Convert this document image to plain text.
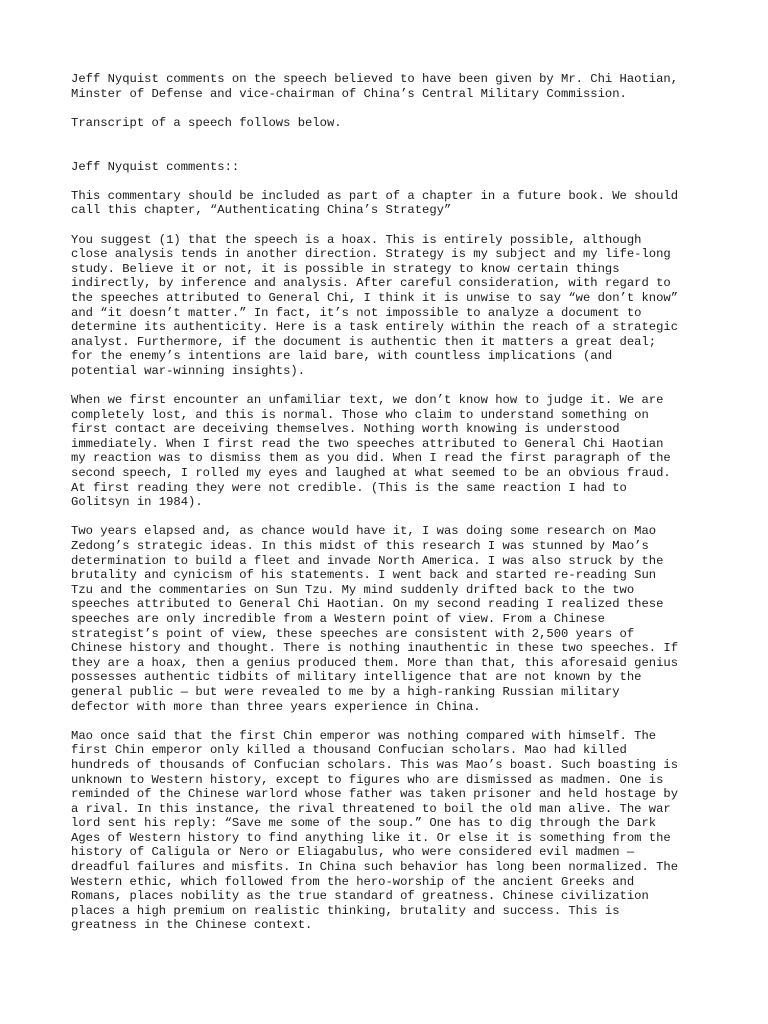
Jeff Nyquist comments on the speech believed to have been given by Mr. Chi Haotian,
Minster of Defense and vice-chairman of China’s Central Military Commission.

Transcript of a speech follows below.

Jeff Nyquist comments::

This commentary should be included as part of a chapter in a future book. We should
call this chapter, “Authenticating China’s Strategy”

You suggest (1) that the speech is a hoax. This is entirely possible, although
close analysis tends in another direction. Strategy is my subject and my life-long
study. Believe it or not, it is possible in strategy to know certain things
indirectly, by inference and analysis. After careful consideration, with regard to
the speeches attributed to General Chi, I think it is unwise to say “we don’t know”
and “it doesn’t matter.” In fact, it’s not impossible to analyze a document to
determine its authenticity. Here is a task entirely within the reach of a strategic
analyst. Furthermore, if the document is authentic then it matters a great deal;
for the enemy’s intentions are laid bare, with countless implications (and
potential war-winning insights).

When we first encounter an unfamiliar text, we don’t know how to judge it. We are
completely lost, and this is normal. Those who claim to understand something on
first contact are deceiving themselves. Nothing worth knowing is understood
immediately. When I first read the two speeches attributed to General Chi Haotian
my reaction was to dismiss them as you did. When I read the first paragraph of the
second speech, I rolled my eyes and laughed at what seemed to be an obvious fraud.
At first reading they were not credible. (This is the same reaction I had to
Golitsyn in 1984).

Two years elapsed and, as chance would have it, I was doing some research on Mao
Zedong’s strategic ideas. In this midst of this research I was stunned by Mao’s
determination to build a fleet and invade North America. I was also struck by the
brutality and cynicism of his statements. I went back and started re-reading Sun
Tzu and the commentaries on Sun Tzu. My mind suddenly drifted back to the two
speeches attributed to General Chi Haotian. On my second reading I realized these
speeches are only incredible from a Western point of view. From a Chinese
strategist’s point of view, these speeches are consistent with 2,500 years of
Chinese history and thought. There is nothing inauthentic in these two speeches. If
they are a hoax, then a genius produced them. More than that, this aforesaid genius
possesses authentic tidbits of military intelligence that are not known by the
general public — but were revealed to me by a high-ranking Russian military
defector with more than three years experience in China.

Mao once said that the first Chin emperor was nothing compared with himself. The
first Chin emperor only killed a thousand Confucian scholars. Mao had killed
hundreds of thousands of Confucian scholars. This was Mao’s boast. Such boasting is
unknown to Western history, except to figures who are dismissed as madmen. One is
reminded of the Chinese warlord whose father was taken prisoner and held hostage by
a rival. In this instance, the rival threatened to boil the old man alive. The war
lord sent his reply: “Save me some of the soup.” One has to dig through the Dark
Ages of Western history to find anything like it. Or else it is something from the
history of Caligula or Nero or Eliagabulus, who were considered evil madmen —
dreadful failures and misfits. In China such behavior has long been normalized. The
Western ethic, which followed from the hero-worship of the ancient Greeks and
Romans, places nobility as the true standard of greatness. Chinese civilization
places a high premium on realistic thinking, brutality and success. This is
greatness in the Chinese context.
